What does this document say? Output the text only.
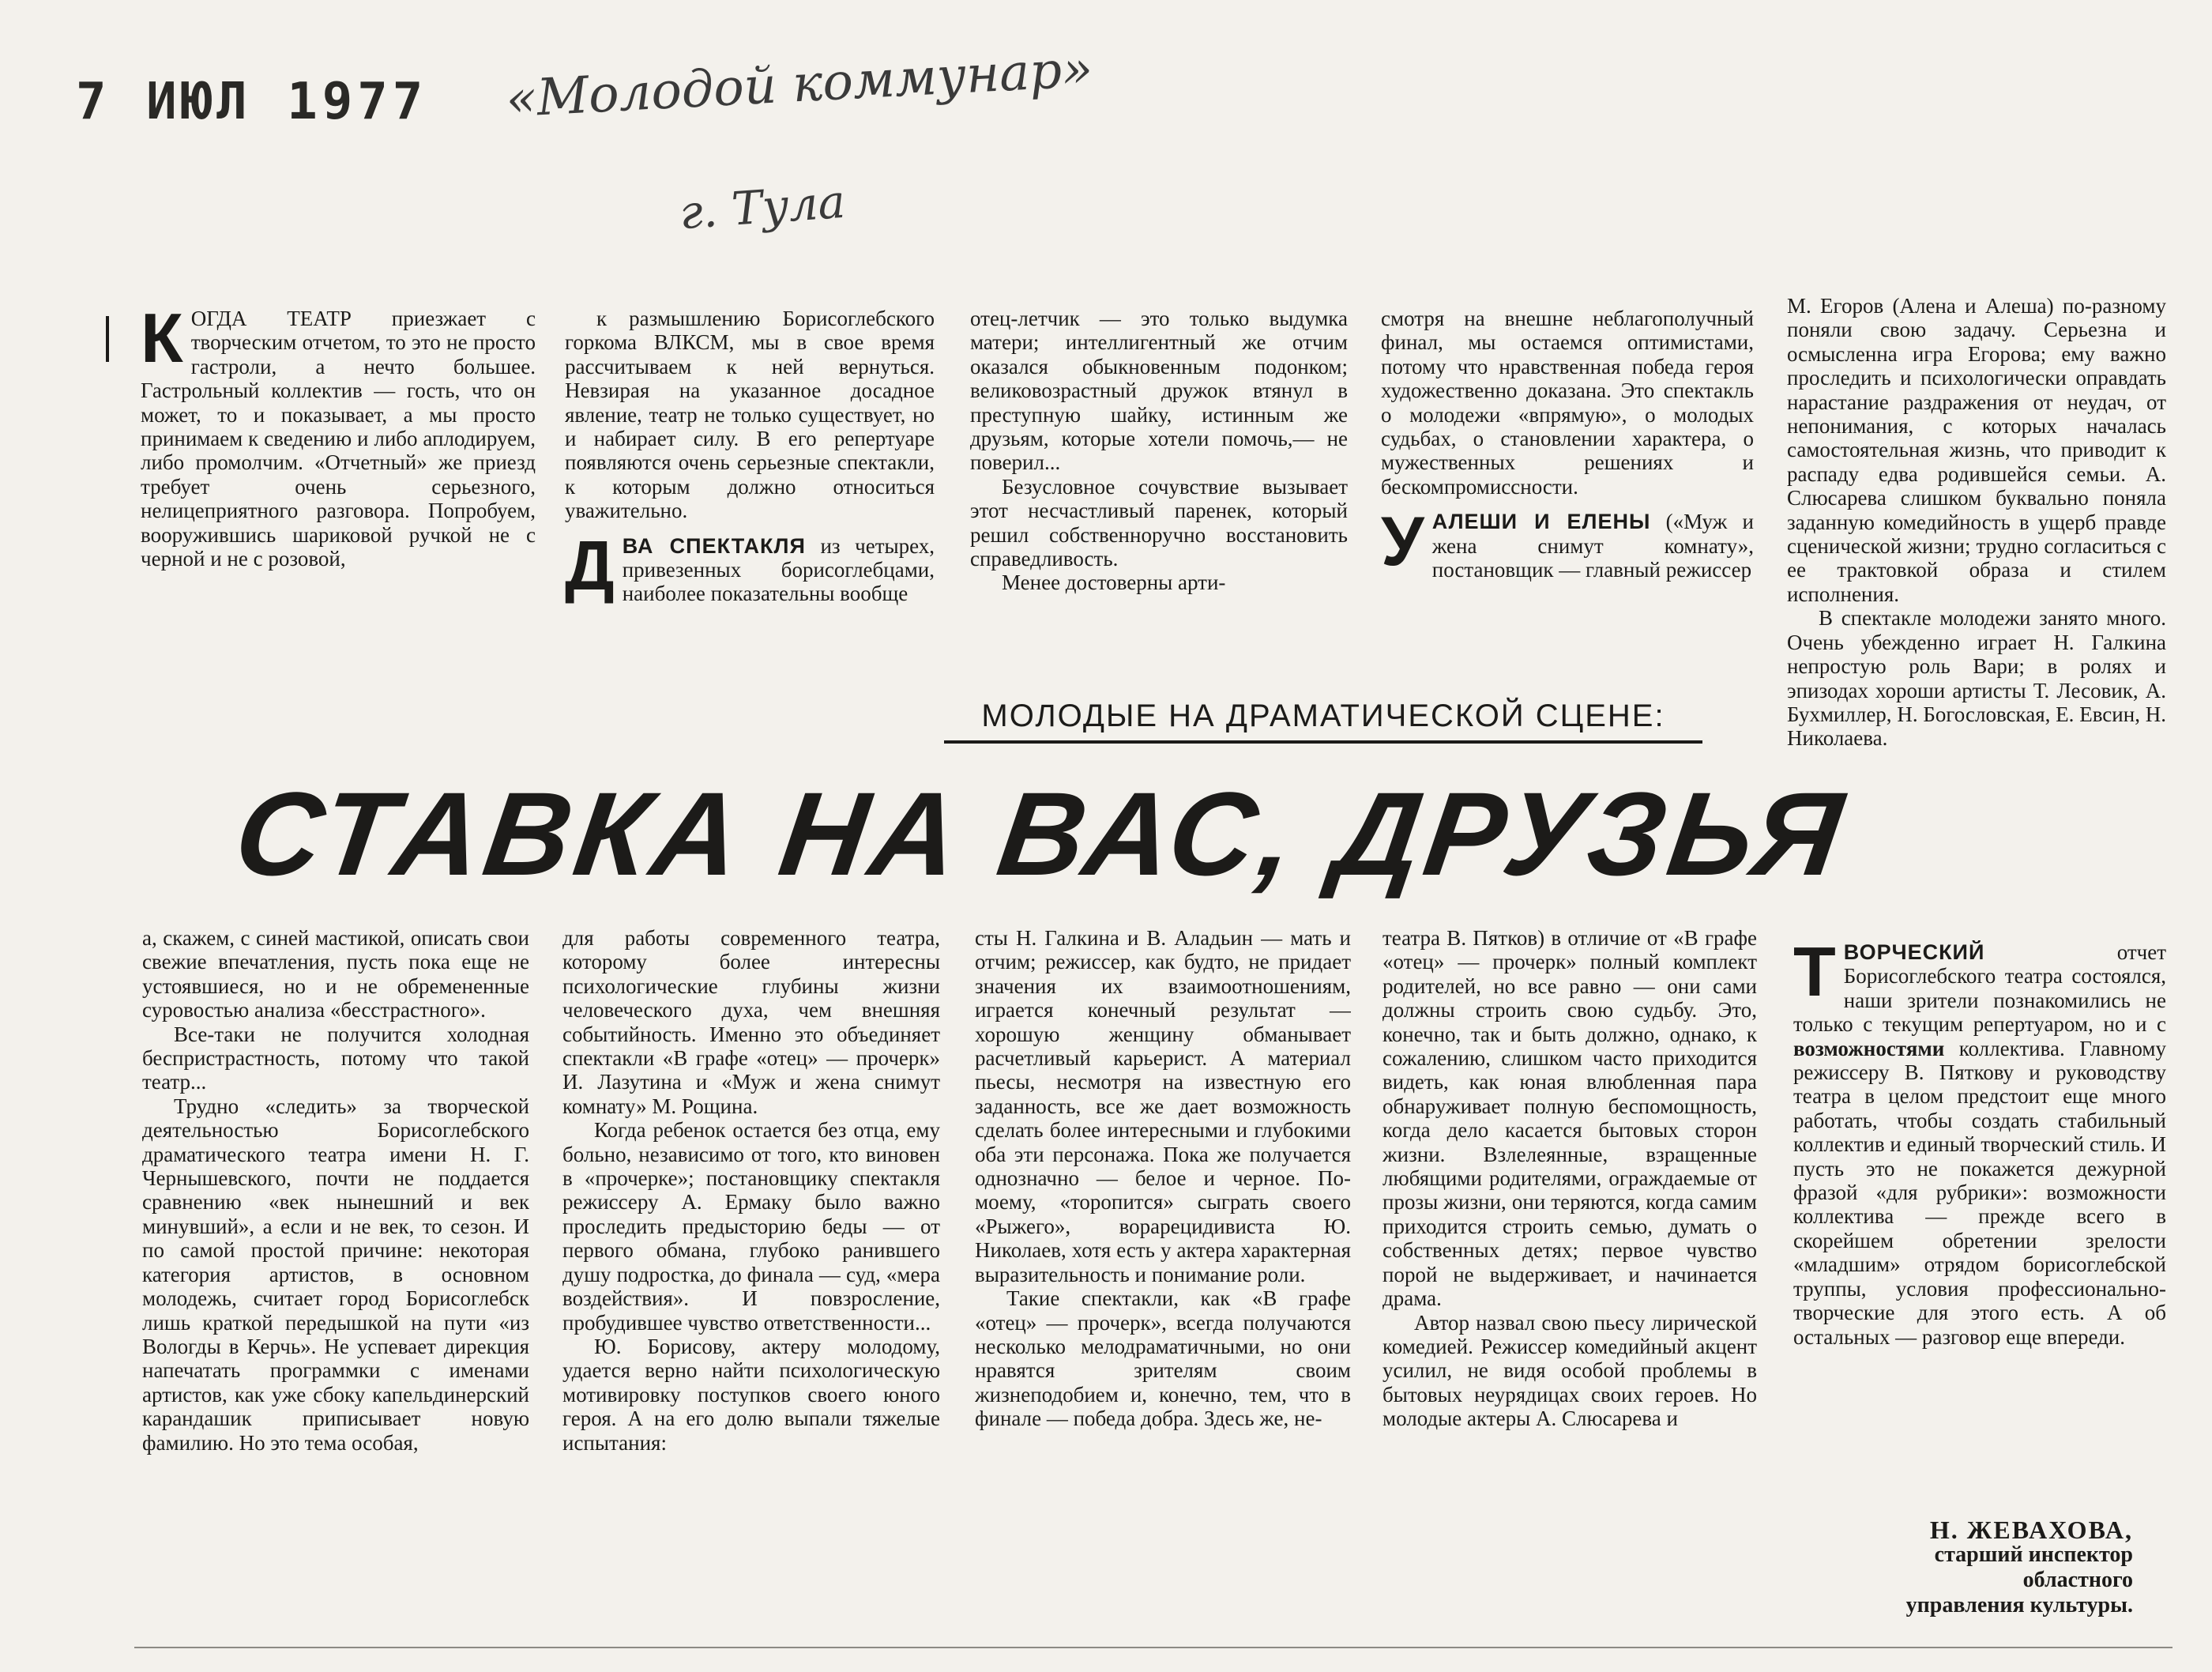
7 ИЮЛ 1977 «Молодой коммунар»
г. Тула

КОГДА ТЕАТР приезжает с творческим отчетом, то это не просто гастроли, а нечто большее. Гастрольный коллектив — гость, что он может, то и показывает, а мы просто принимаем к сведению и либо аплодируем, либо промолчим. «Отчетный» же приезд требует очень серьезного, нелицеприятного разговора. Попробуем, вооружившись шариковой ручкой не с черной и не с розовой,

к размышлению Борисоглебского горкома ВЛКСМ, мы в свое время рассчитываем к ней вернуться. Невзирая на указанное досадное явление, театр не только существует, но и набирает силу. В его репертуаре появляются очень серьезные спектакли, к которым должно относиться уважительно.

ДВА СПЕКТАКЛЯ из четырех, привезенных борисоглебцами, наиболее показательны вообще

отец-летчик — это только выдумка матери; интеллигентный же отчим оказался обыкновенным подонком; великовозрастный дружок втянул в преступную шайку, истинным же друзьям, которые хотели помочь,— не поверил...

Безусловное сочувствие вызывает этот несчастливый паренек, который решил собственноручно восстановить справедливость.

Менее достоверны арти-

смотря на внешне неблагополучный финал, мы остаемся оптимистами, потому что нравственная победа героя художественно доказана. Это спектакль о молодежи «впрямую», о молодых судьбах, о становлении характера, о мужественных решениях и бескомпромиссности.

УАЛЕШИ И ЕЛЕНЫ («Муж и жена снимут комнату», постановщик — главный режиссер

М. Егоров (Алена и Алеша) по-разному поняли свою задачу. Серьезна и осмысленна игра Егорова; ему важно проследить и психологически оправдать нарастание раздражения от неудач, от непонимания, с которых началась самостоятельная жизнь, что приводит к распаду едва родившейся семьи. А. Слюсарева слишком буквально поняла заданную комедийность в ущерб правде сценической жизни; трудно согласиться с ее трактовкой образа и стилем исполнения.

В спектакле молодежи занято много. Очень убежденно играет Н. Галкина непростую роль Вари; в ролях и эпизодах хороши артисты Т. Лесовик, А. Бухмиллер, Н. Богословская, Е. Евсин, Н. Николаева.

МОЛОДЫЕ НА ДРАМАТИЧЕСКОЙ СЦЕНЕ:
СТАВКА НА ВАС, ДРУЗЬЯ

а, скажем, с синей мастикой, описать свои свежие впечатления, пусть пока еще не устоявшиеся, но и не обремененные суровостью анализа «бесстрастного».

Все-таки не получится холодная беспристрастность, потому что такой театр...

Трудно «следить» за творческой деятельностью Борисоглебского драматического театра имени Н. Г. Чернышевского, почти не поддается сравнению «век нынешний и век минувший», а если и не век, то сезон. И по самой простой причине: некоторая категория артистов, в основном молодежь, считает город Борисоглебск лишь краткой передышкой на пути «из Вологды в Керчь». Не успевает дирекция напечатать программки с именами артистов, как уже сбоку капельдинерский карандашик приписывает новую фамилию. Но это тема особая,

для работы современного театра, которому более интересны психологические глубины жизни человеческого духа, чем внешняя событийность. Именно это объединяет спектакли «В графе «отец» — прочерк» И. Лазутина и «Муж и жена снимут комнату» М. Рощина.

Когда ребенок остается без отца, ему больно, независимо от того, кто виновен в «прочерке»; постановщику спектакля режиссеру А. Ермаку было важно проследить предысторию беды — от первого обмана, глубоко ранившего душу подростка, до финала — суд, «мера воздействия». И повзросление, пробудившее чувство ответственности...

Ю. Борисову, актеру молодому, удается верно найти психологическую мотивировку поступков своего юного героя. А на его долю выпали тяжелые испытания:

сты Н. Галкина и В. Аладьин — мать и отчим; режиссер, как будто, не придает значения их взаимоотношениям, играется конечный результат — хорошую женщину обманывает расчетливый карьерист. А материал пьесы, несмотря на известную его заданность, все же дает возможность сделать более интересными и глубокими оба эти персонажа. Пока же получается однозначно — белое и черное. По-моему, «торопится» сыграть своего «Рыжего», ворарецидивиста Ю. Николаев, хотя есть у актера характерная выразительность и понимание роли.

Такие спектакли, как «В графе «отец» — прочерк», всегда получаются несколько мелодраматичными, но они нравятся зрителям своим жизнеподобием и, конечно, тем, что в финале — победа добра. Здесь же, не-

театра В. Пятков) в отличие от «В графе «отец» — прочерк» полный комплект родителей, но все равно — они сами должны строить свою судьбу. Это, конечно, так и быть должно, однако, к сожалению, слишком часто приходится видеть, как юная влюбленная пара обнаруживает полную беспомощность, когда дело касается бытовых сторон жизни. Взлелеянные, взращенные любящими родителями, ограждаемые от прозы жизни, они теряются, когда самим приходится строить семью, думать о собственных детях; первое чувство порой не выдерживает, и начинается драма.

Автор назвал свою пьесу лирической комедией. Режиссер комедийный акцент усилил, не видя особой проблемы в бытовых неурядицах своих героев. Но молодые актеры А. Слюсарева и

ТВОРЧЕСКИЙ отчет Борисоглебского театра состоялся, наши зрители познакомились не только с текущим репертуаром, но и с возможностями коллектива. Главному режиссеру В. Пяткову и руководству театра в целом предстоит еще много работать, чтобы создать стабильный коллектив и единый творческий стиль. И пусть это не покажется дежурной фразой «для рубрики»: возможности коллектива — прежде всего в скорейшем обретении зрелости «младшим» отрядом борисоглебской труппы, условия профессионально-творческие для этого есть. А об остальных — разговор еще впереди.

Н. ЖЕВАХОВА,
старший инспектор
областного
управления культуры.
